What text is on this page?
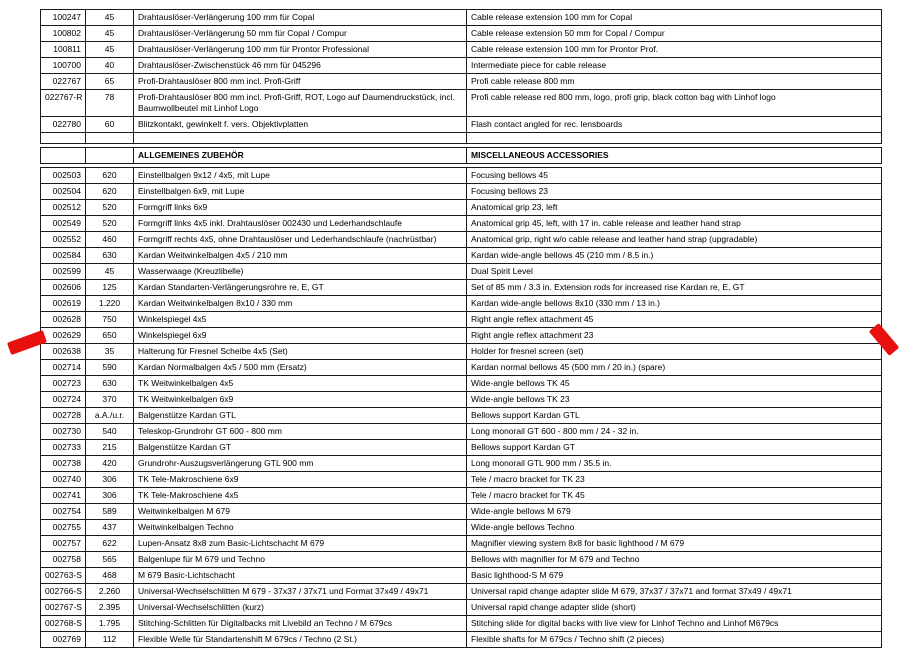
100247	45	Drahtauslöser-Verlängerung 100 mm für Copal	Cable release extension 100 mm for Copal
100802	45	Drahtauslöser-Verlängerung 50 mm für Copal / Compur	Cable release extension 50 mm for Copal / Compur
100811	45	Drahtauslöser-Verlängerung 100 mm für Prontor Professional	Cable release extension 100 mm for Prontor Prof.
100700	40	Drahtauslöser-Zwischenstück 46 mm für 045296	Intermediate piece for cable release
022767	65	Profi-Drahtauslöser 800 mm incl. Profi-Griff	Profi cable release 800 mm
022767-R	78	Profi-Drahtauslöser 800 mm incl. Profi-Griff, ROT, Logo auf Daumendruckstück, incl. Baumwollbeutel mit Linhof Logo	Profi cable release red 800 mm, logo, profi grip, black cotton bag with Linhof logo
022780	60	Blitzkontakt, gewinkelt f. vers. Objektivplatten	Flash contact angled for rec. lensboards

		ALLGEMEINES ZUBEHÖR	MISCELLANEOUS ACCESSORIES
002503	620	Einstellbalgen 9x12 / 4x5, mit Lupe	Focusing bellows 45
002504	620	Einstellbalgen 6x9, mit Lupe	Focusing bellows 23
002512	520	Formgriff links 6x9	Anatomical grip 23, left
002549	520	Formgriff links 4x5 inkl. Drahtauslöser 002430 und Lederhandschlaufe	Anatomical grip 45, left, with 17 in. cable release and leather hand strap
002552	460	Formgriff rechts 4x5, ohne Drahtauslöser und Lederhandschlaufe (nachrüstbar)	Anatomical grip, right w/o cable release and leather hand strap (upgradable)
002584	630	Kardan Weitwinkelbalgen 4x5 / 210 mm	Kardan wide-angle bellows 45 (210 mm / 8.5 in.)
002599	45	Wasserwaage (Kreuzlibelle)	Dual Spirit Level
002606	125	Kardan Standarten-Verlängerungsrohre re, E, GT	Set of 85 mm / 3.3 in. Extension rods for increased rise Kardan re, E, GT
002619	1.220	Kardan Weitwinkelbalgen 8x10 / 330 mm	Kardan wide-angle bellows 8x10 (330 mm / 13 in.)
002628	750	Winkelspiegel 4x5	Right angle reflex attachment 45
002629	650	Winkelspiegel 6x9	Right angle reflex attachment 23
002638	35	Halterung für Fresnel Scheibe 4x5 (Set)	Holder for fresnel screen (set)
002714	590	Kardan Normalbalgen 4x5 / 500 mm (Ersatz)	Kardan normal bellows 45 (500 mm / 20 in.) (spare)
002723	630	TK Weitwinkelbalgen 4x5	Wide-angle bellows TK 45
002724	370	TK Weitwinkelbalgen 6x9	Wide-angle bellows TK 23
002728	a.A./u.r.	Balgenstütze Kardan GTL	Bellows support Kardan GTL
002730	540	Teleskop-Grundrohr GT 600 - 800 mm	Long monorail GT 600 - 800 mm / 24 - 32 in.
002733	215	Balgenstütze Kardan GT	Bellows support Kardan GT
002738	420	Grundrohr-Auszugsverlängerung GTL 900 mm	Long monorail GTL 900 mm / 35.5 in.
002740	306	TK Tele-Makroschiene 6x9	Tele / macro bracket for TK 23
002741	306	TK Tele-Makroschiene 4x5	Tele / macro bracket for TK 45
002754	589	Weitwinkelbalgen M 679	Wide-angle bellows M 679
002755	437	Weitwinkelbalgen Techno	Wide-angle bellows Techno
002757	622	Lupen-Ansatz 8x8 zum Basic-Lichtschacht M 679	Magnifier viewing system 8x8 for basic lighthood / M 679
002758	565	Balgenlupe für M 679 und Techno	Bellows with magnifier for M 679 and Techno
002763-S	468	M 679 Basic-Lichtschacht	Basic lighthood-S M 679
002766-S	2.260	Universal-Wechselschlitten M 679 - 37x37 / 37x71 und Format 37x49 / 49x71	Universal rapid change adapter slide M 679, 37x37 / 37x71 and format 37x49 / 49x71
002767-S	2.395	Universal-Wechselschlitten (kurz)	Universal rapid change adapter slide (short)
002768-S	1.795	Stitching-Schlitten für Digitalbacks mit Livebild an Techno / M 679cs	Stitching slide for digital backs with live view for Linhof Techno and Linhof M679cs
002769	112	Flexible Welle für Standartenshift M 679cs / Techno (2 St.)	Flexible shafts for M 679cs / Techno shift (2 pieces)
